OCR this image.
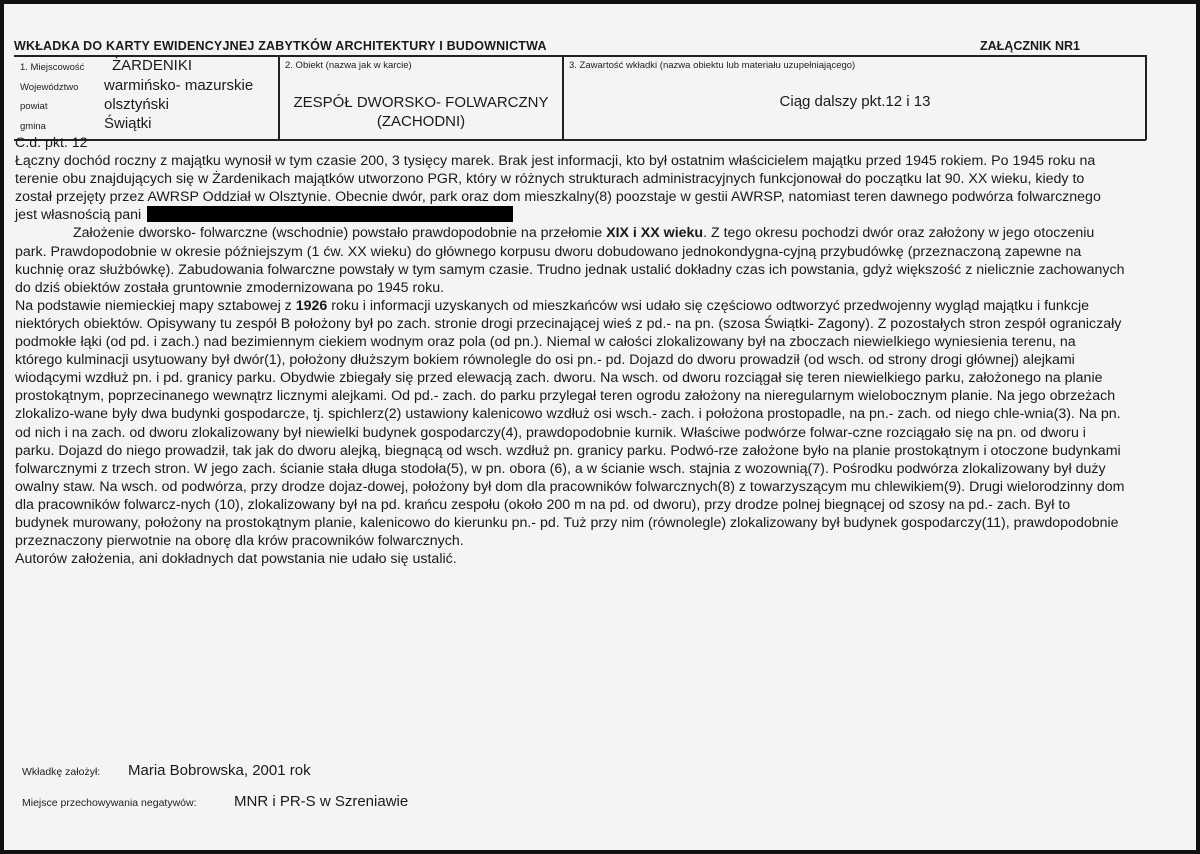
WKŁADKA DO KARTY EWIDENCYJNEJ ZABYTKÓW ARCHITEKTURY I BUDOWNICTWA	ZAŁĄCZNIK NR1
1. Miejscowość ŻARDENIKI
Województwo warmińsko- mazurskie
powiat	olsztyński
gmina	Świątki
2. Obiekt (nazwa jak w karcie)
ZESPÓŁ DWORSKO- FOLWARCZNY
(ZACHODNI)
3. Zawartość wkładki (nazwa obiektu lub materiału uzupełniającego)
Ciąg dalszy pkt.12 i 13

C.d. pkt. 12

Łączny dochód roczny z majątku wynosił w tym czasie 200, 3 tysięcy marek. Brak jest informacji, kto był ostatnim właścicielem majątku przed 1945 rokiem. Po 1945 roku na terenie obu znajdujących się w Żardenikach majątków utworzono PGR, który w różnych strukturach administracyjnych funkcjonował do początku lat 90. XX wieku, kiedy to został przejęty przez AWRSP Oddział w Olsztynie. Obecnie dwór, park oraz dom mieszkalny(8) poozstaje w gestii AWRSP, natomiast teren dawnego podwórza folwarcznego jest własnością pani

Założenie dworsko- folwarczne (wschodnie) powstało prawdopodobnie na przełomie XIX i XX wieku. Z tego okresu pochodzi dwór oraz założony w jego otoczeniu park. Prawdopodobnie w okresie późniejszym (1 ćw. XX wieku) do głównego korpusu dworu dobudowano jednokondygna-cyjną przybudówkę (przeznaczoną zapewne na kuchnię oraz służbówkę). Zabudowania folwarczne powstały w tym samym czasie. Trudno jednak ustalić dokładny czas ich powstania, gdyż większość z nielicznie zachowanych do dziś obiektów została gruntownie zmodernizowana po 1945 roku.

Na podstawie niemieckiej mapy sztabowej z 1926 roku i informacji uzyskanych od mieszkańców wsi udało się częściowo odtworzyć przedwojenny wygląd majątku i funkcje niektórych obiektów. Opisywany tu zespół B położony był po zach. stronie drogi przecinającej wieś z pd.- na pn. (szosa Świątki- Zagony). Z pozostałych stron zespół ograniczały podmokłe łąki (od pd. i zach.) nad bezimiennym ciekiem wodnym oraz pola (od pn.). Niemal w całości zlokalizowany był na zboczach niewielkiego wyniesienia terenu, na którego kulminacji usytuowany był dwór(1), położony dłuższym bokiem równolegle do osi pn.- pd. Dojazd do dworu prowadził (od wsch. od strony drogi głównej) alejkami wiodącymi wzdłuż pn. i pd. granicy parku. Obydwie zbiegały się przed elewacją zach. dworu. Na wsch. od dworu rozciągał się teren niewielkiego parku, założonego na planie prostokątnym, poprzecinanego wewnątrz licznymi alejkami. Od pd.- zach. do parku przylegał teren ogrodu założony na nieregularnym wielobocznym planie. Na jego obrzeżach zlokalizo-wane były dwa budynki gospodarcze, tj. spichlerz(2) ustawiony kalenicowo wzdłuż osi wsch.- zach. i położona prostopadle, na pn.- zach. od niego chle-wnia(3). Na pn. od nich i na zach. od dworu zlokalizowany był niewielki budynek gospodarczy(4), prawdopodobnie kurnik. Właściwe podwórze folwar-czne rozciągało się na pn. od dworu i parku. Dojazd do niego prowadził, tak jak do dworu alejką, biegnącą od wsch. wzdłuż pn. granicy parku. Podwó-rze założone było na planie prostokątnym i otoczone budynkami folwarcznymi z trzech stron. W jego zach. ścianie stała długa stodoła(5), w pn. obora (6), a w ścianie wsch. stajnia z wozownią(7). Pośrodku podwórza zlokalizowany był duży owalny staw. Na wsch. od podwórza, przy drodze dojaz-dowej, położony był dom dla pracowników folwarcznych(8) z towarzyszącym mu chlewikiem(9). Drugi wielorodzinny dom dla pracowników folwarcz-nych (10), zlokalizowany był na pd. krańcu zespołu (około 200 m na pd. od dworu), przy drodze polnej biegnącej od szosy na pd.- zach. Był to budynek murowany, położony na prostokątnym planie, kalenicowo do kierunku pn.- pd. Tuż przy nim (równolegle) zlokalizowany był budynek gospodarczy(11), prawdopodobnie przeznaczony pierwotnie na oborę dla krów pracowników folwarcznych.

Autorów założenia, ani dokładnych dat powstania nie udało się ustalić.

Wkładkę założył: Maria Bobrowska, 2001 rok
Miejsce przechowywania negatywów:	MNR i PR-S w Szreniawie
